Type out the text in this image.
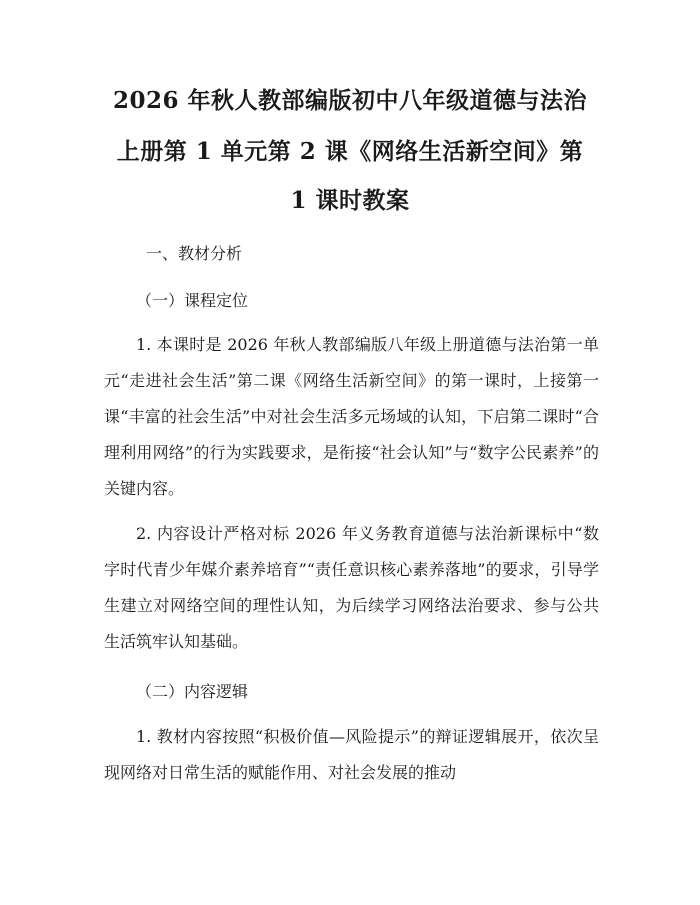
2026 年秋人教部编版初中八年级道德与法治
上册第 1 单元第 2 课《网络生活新空间》第
1 课时教案
一、教材分析
（一）课程定位

1. 本课时是 2026 年秋人教部编版八年级上册道德与法治第一单元“走进社会生活”第二课《网络生活新空间》的第一课时，上接第一课“丰富的社会生活”中对社会生活多元场域的认知，下启第二课时“合理利用网络”的行为实践要求，是衔接“社会认知”与“数字公民素养”的关键内容。

2. 内容设计严格对标 2026 年义务教育道德与法治新课标中“数字时代青少年媒介素养培育”“责任意识核心素养落地”的要求，引导学生建立对网络空间的理性认知，为后续学习网络法治要求、参与公共生活筑牢认知基础。

（二）内容逻辑

1. 教材内容按照“积极价值—风险提示”的辩证逻辑展开，依次呈现网络对日常生活的赋能作用、对社会发展的推动
